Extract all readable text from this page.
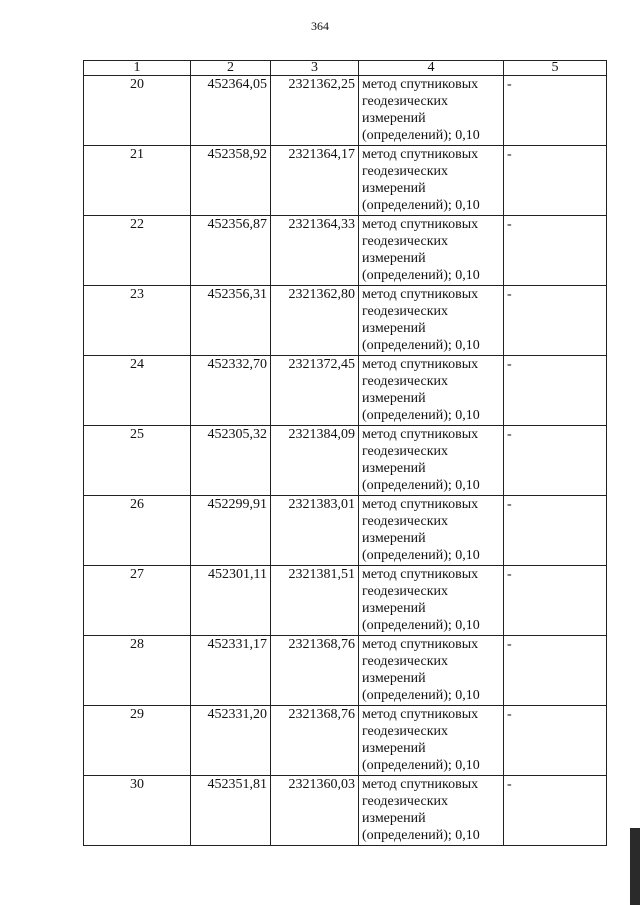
364
1	2	3	4	5
20	452364,05	2321362,25	метод спутниковых геодезических измерений (определений); 0,10	-
21	452358,92	2321364,17	метод спутниковых геодезических измерений (определений); 0,10	-
22	452356,87	2321364,33	метод спутниковых геодезических измерений (определений); 0,10	-
23	452356,31	2321362,80	метод спутниковых геодезических измерений (определений); 0,10	-
24	452332,70	2321372,45	метод спутниковых геодезических измерений (определений); 0,10	-
25	452305,32	2321384,09	метод спутниковых геодезических измерений (определений); 0,10	-
26	452299,91	2321383,01	метод спутниковых геодезических измерений (определений); 0,10	-
27	452301,11	2321381,51	метод спутниковых геодезических измерений (определений); 0,10	-
28	452331,17	2321368,76	метод спутниковых геодезических измерений (определений); 0,10	-
29	452331,20	2321368,76	метод спутниковых геодезических измерений (определений); 0,10	-
30	452351,81	2321360,03	метод спутниковых геодезических измерений (определений); 0,10	-
